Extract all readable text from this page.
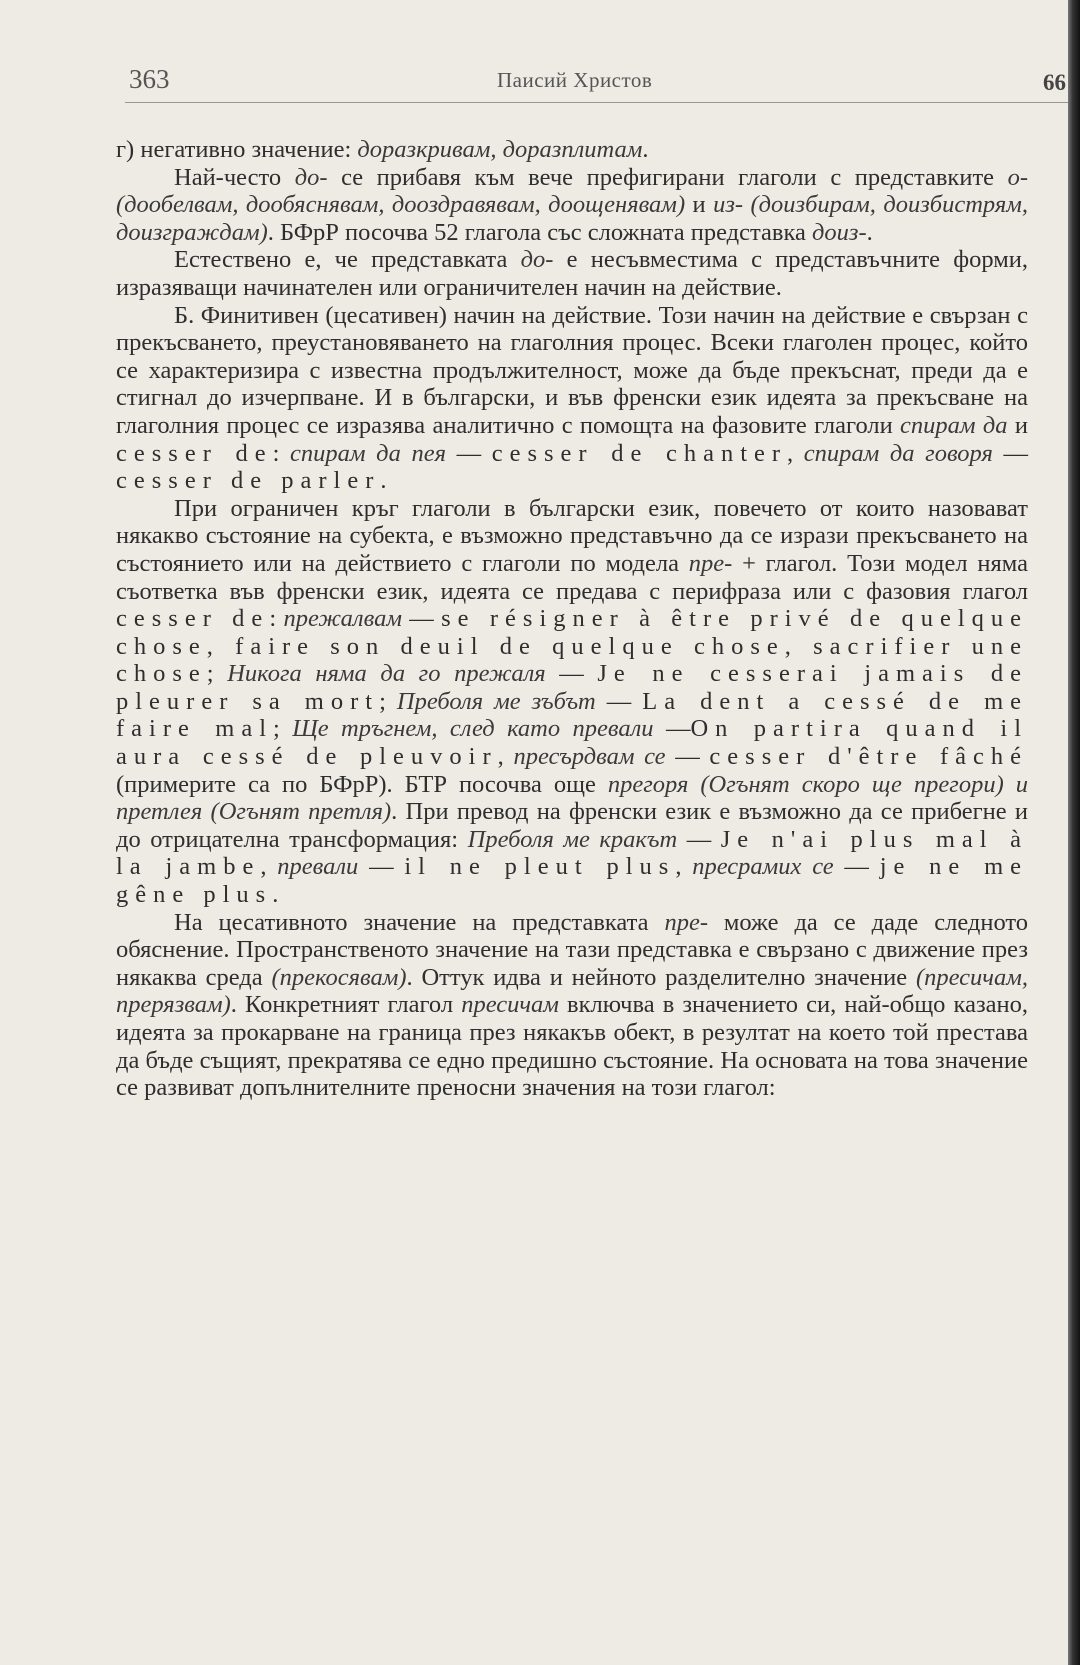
363	Паисий Христов	66

г) негативно значение: доразкривам, доразплитам.

Най-често до- се прибавя към вече префигирани глаголи с представките о- (дообелвам, дообяснявам, дооздравявам, доощенявам) и из- (доизбирам, доизбистрям, доизграждам). БФрР посочва 52 глагола със сложната представка доиз-.

Естествено е, че представката до- е несъвместима с представъчните форми, изразяващи начинателен или ограничителен начин на действие.

Б. Финитивен (цесативен) начин на действие. Този начин на действие е свързан с прекъсването, преустановяването на глаголния процес. Всеки глаголен процес, който се характеризира с известна продължителност, може да бъде прекъснат, преди да е стигнал до изчерпване. И в български, и във френски език идеята за прекъсване на глаголния процес се изразява аналитично с помощта на фазовите глаголи спирам да и cesser de: спирам да пея — cesser de chanter, спирам да говоря — cesser de parler.

При ограничен кръг глаголи в български език, повечето от които назовават някакво състояние на субекта, е възможно представъчно да се изрази прекъсването на състоянието или на действието с глаголи по модела пре- + глагол. Този модел няма съответка във френски език, идеята се предава с перифраза или с фазовия глагол cesser de: прежалвам — se résigner à être privé de quelque chose, faire son deuil de quelque chose, sacrifier une chose; Никога няма да го прежаля — Je ne cesserai jamais de pleurer sa mort; Преболя ме зъбът — La dent a cessé de me faire mal; Ще тръгнем, след като превали —On partira quand il aura cessé de pleuvoir, пресърдвам се — cesser d'être fâché (примерите са по БФрР). БТР посочва още прегоря (Огънят скоро ще прегори) и претлея (Огънят претля). При превод на френски език е възможно да се прибегне и до отрицателна трансформация: Преболя ме кракът — Je n'ai plus mal à la jambe, превали — il ne pleut plus, пресрамих се — je ne me gêne plus.

На цесативното значение на представката пре- може да се даде следното обяснение. Пространственото значение на тази представка е свързано с движение през някаква среда (прекосявам). Оттук идва и нейното разделително значение (пресичам, прерязвам). Конкретният глагол пресичам включва в значението си, най-общо казано, идеята за прокарване на граница през някакъв обект, в резултат на което той престава да бъде същият, прекратява се едно предишно състояние. На основата на това значение се развиват допълнителните преносни значения на този глагол:
